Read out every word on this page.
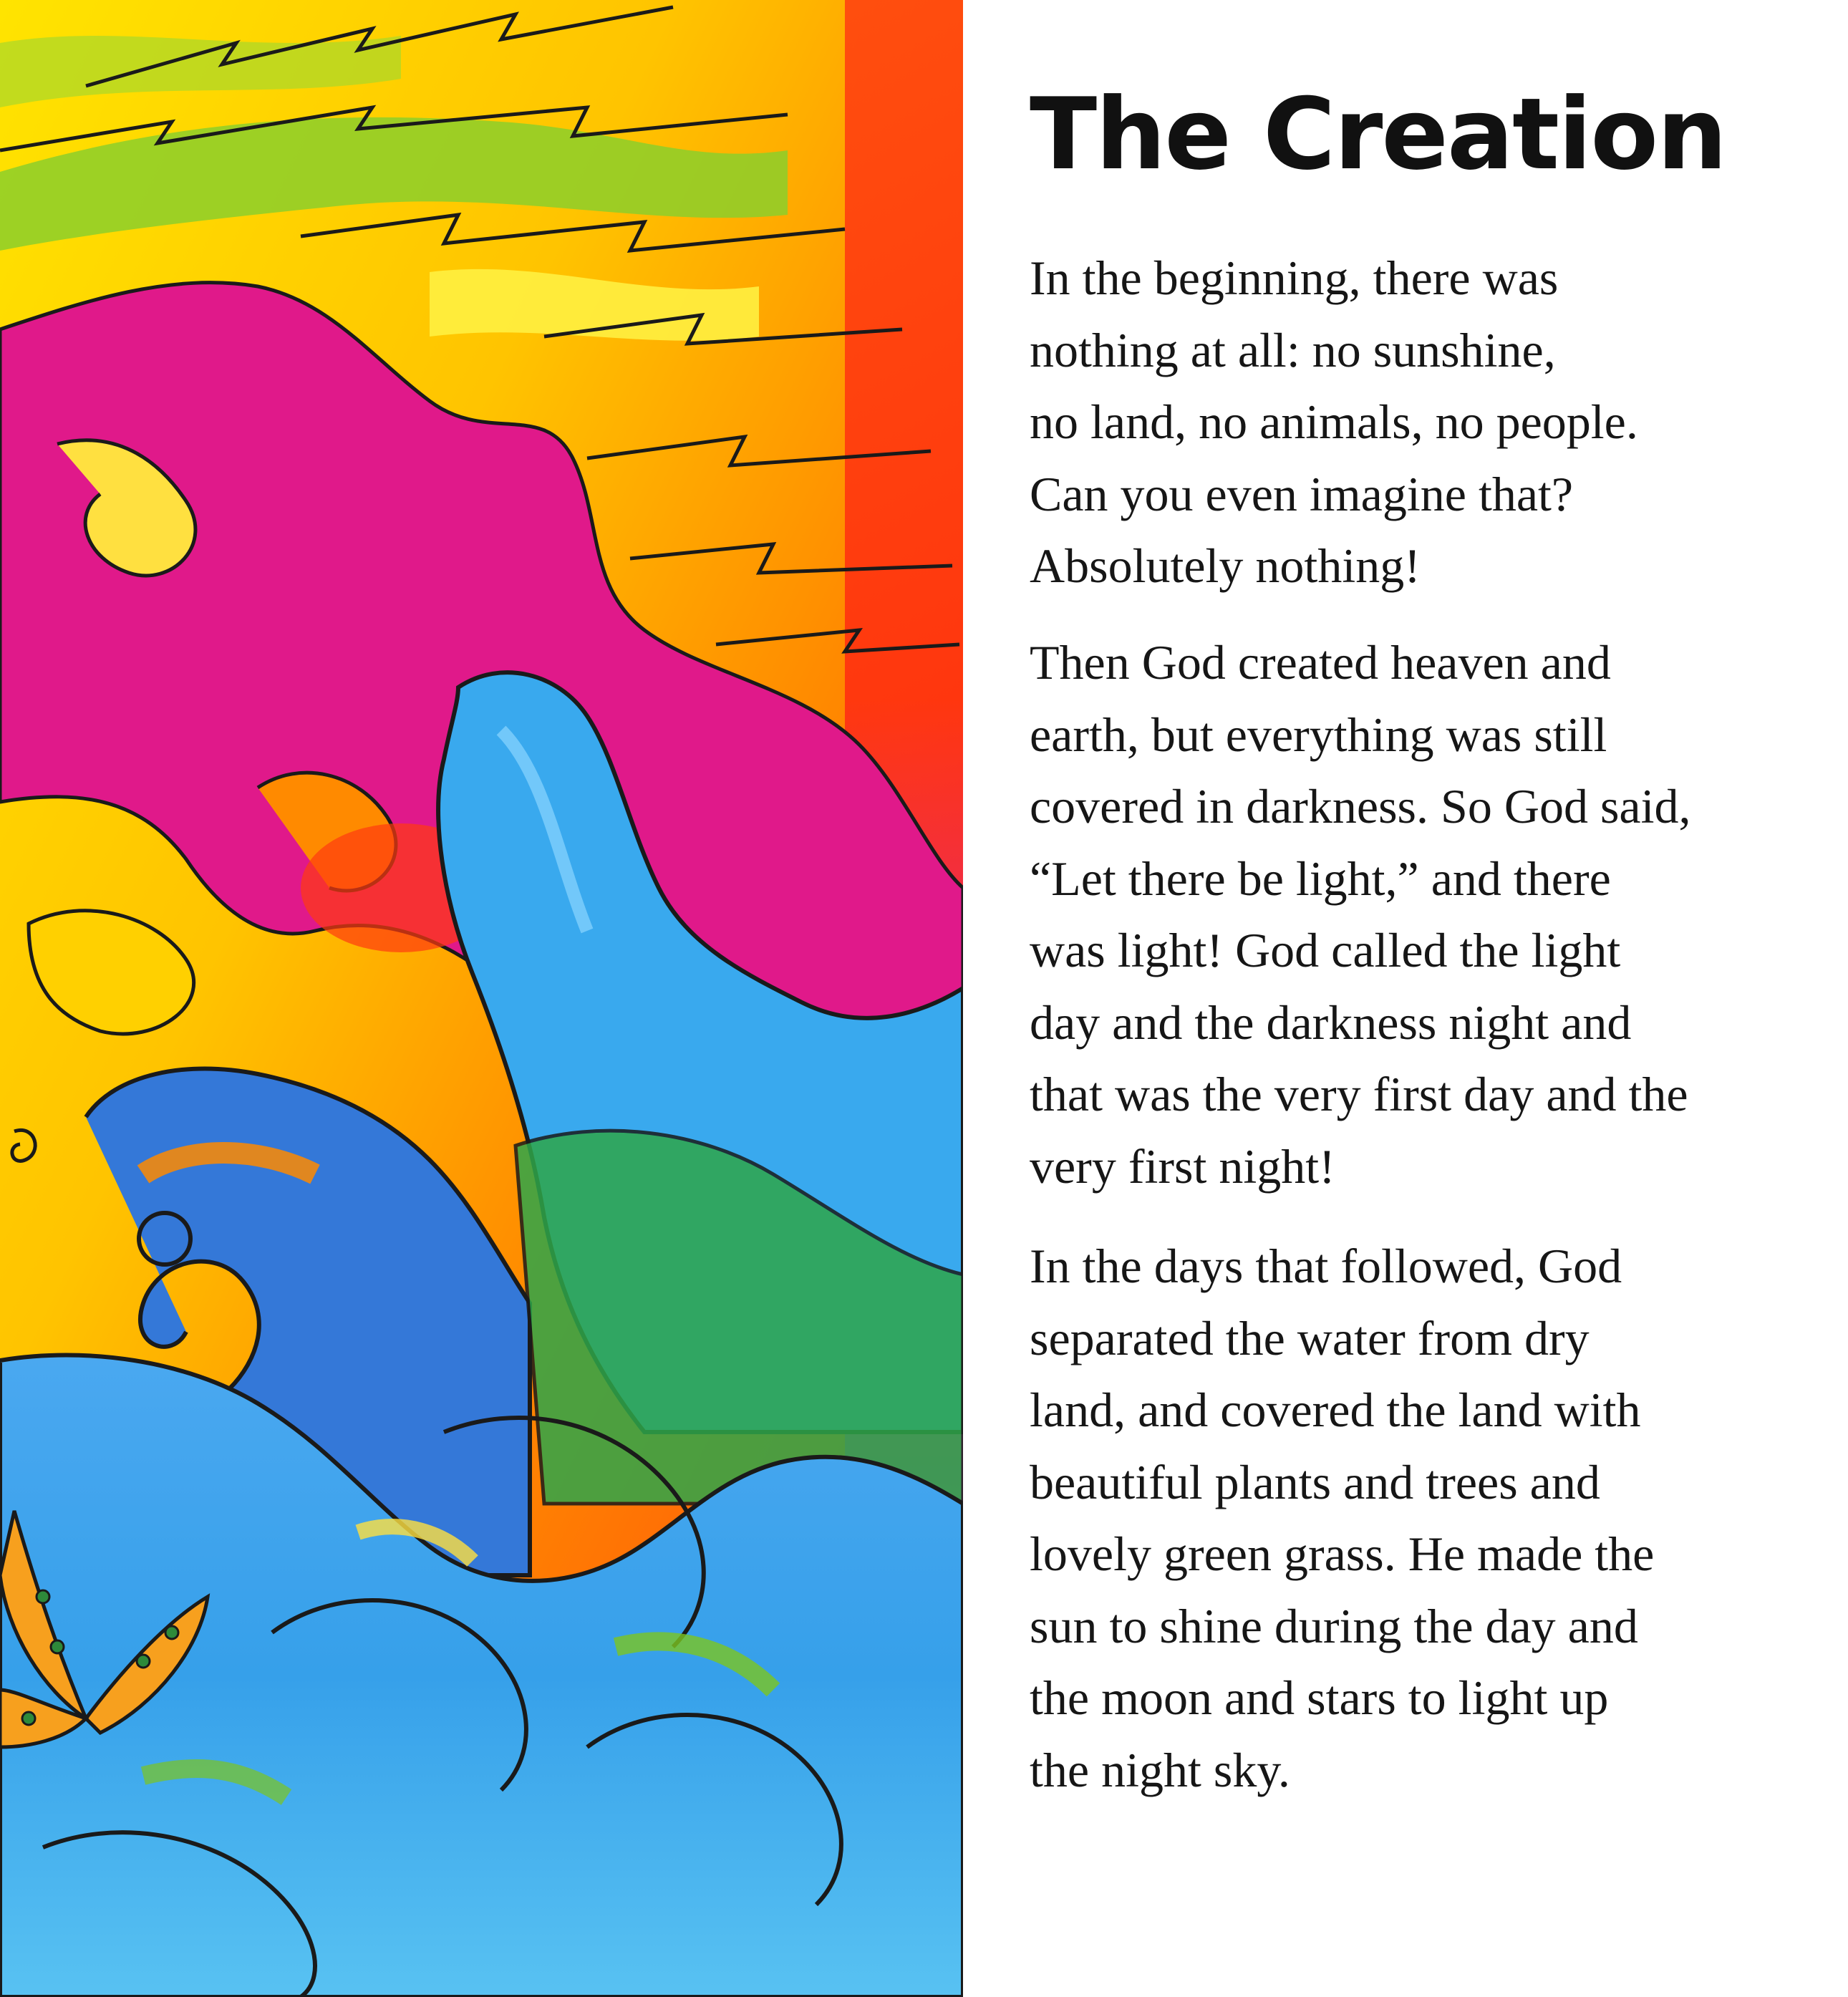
The Creation

In the beginning, there was
nothing at all: no sunshine,
no land, no animals, no people.
Can you even imagine that?
Absolutely nothing!

Then God created heaven and
earth, but everything was still
covered in darkness. So God said,
“Let there be light,” and there
was light! God called the light
day and the darkness night and
that was the very first day and the
very first night!

In the days that followed, God
separated the water from dry
land, and covered the land with
beautiful plants and trees and
lovely green grass. He made the
sun to shine during the day and
the moon and stars to light up
the night sky.
